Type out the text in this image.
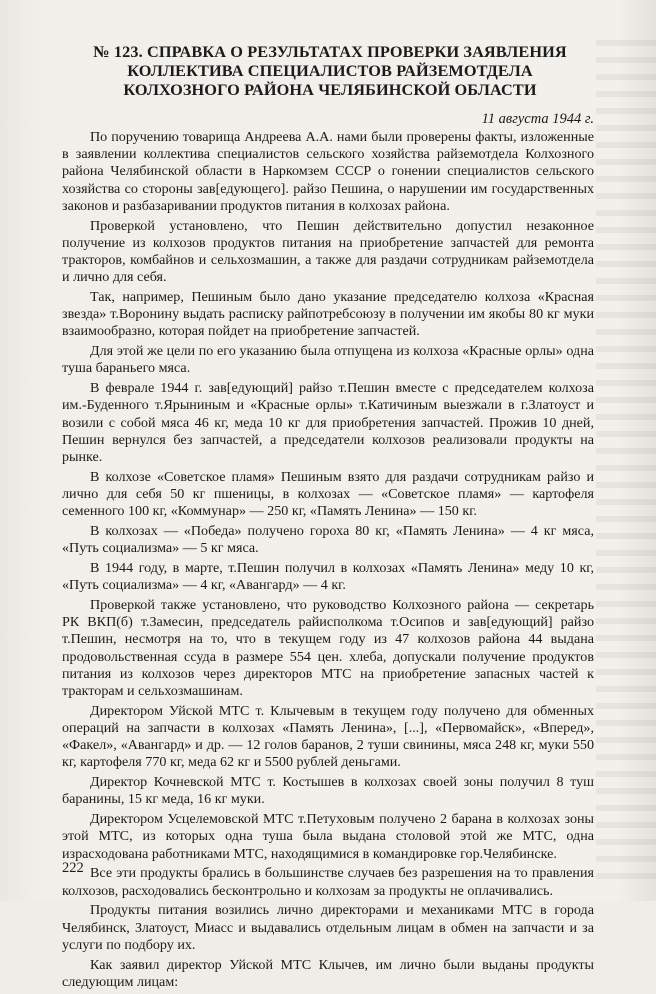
№ 123. СПРАВКА О РЕЗУЛЬТАТАХ ПРОВЕРКИ ЗАЯВЛЕНИЯ
КОЛЛЕКТИВА СПЕЦИАЛИСТОВ РАЙЗЕМОТДЕЛА
КОЛХОЗНОГО РАЙОНА ЧЕЛЯБИНСКОЙ ОБЛАСТИ
11 августа 1944 г.

По поручению товарища Андреева А.А. нами были проверены факты, изложенные в заявлении коллектива специалистов сельского хозяйства райземотдела Колхозного района Челябинской области в Наркомзем СССР о гонении специалистов сельского хозяйства со стороны зав[едующего]. райзо Пешина, о нарушении им государственных законов и разбазаривании продуктов питания в колхозах района.

Проверкой установлено, что Пешин действительно допустил незаконное получение из колхозов продуктов питания на приобретение запчастей для ремонта тракторов, комбайнов и сельхозмашин, а также для раздачи сотрудникам райземотдела и лично для себя.

Так, например, Пешиным было дано указание председателю колхоза «Красная звезда» т.Воронину выдать расписку райпотребсоюзу в получении им якобы 80 кг муки взаимообразно, которая пойдет на приобретение запчастей.

Для этой же цели по его указанию была отпущена из колхоза «Красные орлы» одна туша бараньего мяса.

В феврале 1944 г. зав[едующий] райзо т.Пешин вместе с председателем колхоза им.-Буденного т.Ярыниным и «Красные орлы» т.Катичиным выезжали в г.Златоуст и возили с собой мяса 46 кг, меда 10 кг для приобретения запчастей. Прожив 10 дней, Пешин вернулся без запчастей, а председатели колхозов реализовали продукты на рынке.

В колхозе «Советское пламя» Пешиным взято для раздачи сотрудникам райзо и лично для себя 50 кг пшеницы, в колхозах — «Советское пламя» — картофеля семенного 100 кг, «Коммунар» — 250 кг, «Память Ленина» — 150 кг.

В колхозах — «Победа» получено гороха 80 кг, «Память Ленина» — 4 кг мяса, «Путь социализма» — 5 кг мяса.

В 1944 году, в марте, т.Пешин получил в колхозах «Память Ленина» меду 10 кг, «Путь социализма» — 4 кг, «Авангард» — 4 кг.

Проверкой также установлено, что руководство Колхозного района — секретарь РК ВКП(б) т.Замесин, председатель райисполкома т.Осипов и зав[едующий] райзо т.Пешин, несмотря на то, что в текущем году из 47 колхозов района 44 выдана продовольственная ссуда в размере 554 цен. хлеба, допускали получение продуктов питания из колхозов через директоров МТС на приобретение запасных частей к тракторам и сельхозмашинам.

Директором Уйской МТС т. Клычевым в текущем году получено для обменных операций на запчасти в колхозах «Память Ленина», [...], «Первомайск», «Вперед», «Факел», «Авангард» и др. — 12 голов баранов, 2 туши свинины, мяса 248 кг, муки 550 кг, картофеля 770 кг, меда 62 кг и 5500 рублей деньгами.

Директор Кочневской МТС т. Костышев в колхозах своей зоны получил 8 туш баранины, 15 кг меда, 16 кг муки.

Директором Усцелемовской МТС т.Петуховым получено 2 барана в колхозах зоны этой МТС, из которых одна туша была выдана столовой этой же МТС, одна израсходована работниками МТС, находящимися в командировке гор.Челябинске.

Все эти продукты брались в большинстве случаев без разрешения на то правления колхозов, расходовались бесконтрольно и колхозам за продукты не оплачивались.

Продукты питания возились лично директорами и механиками МТС в города Челябинск, Златоуст, Миасс и выдавались отдельным лицам в обмен на запчасти и за услуги по подбору их.

Как заявил директор Уйской МТС Клычев, им лично были выданы продукты следующим лицам:

222
